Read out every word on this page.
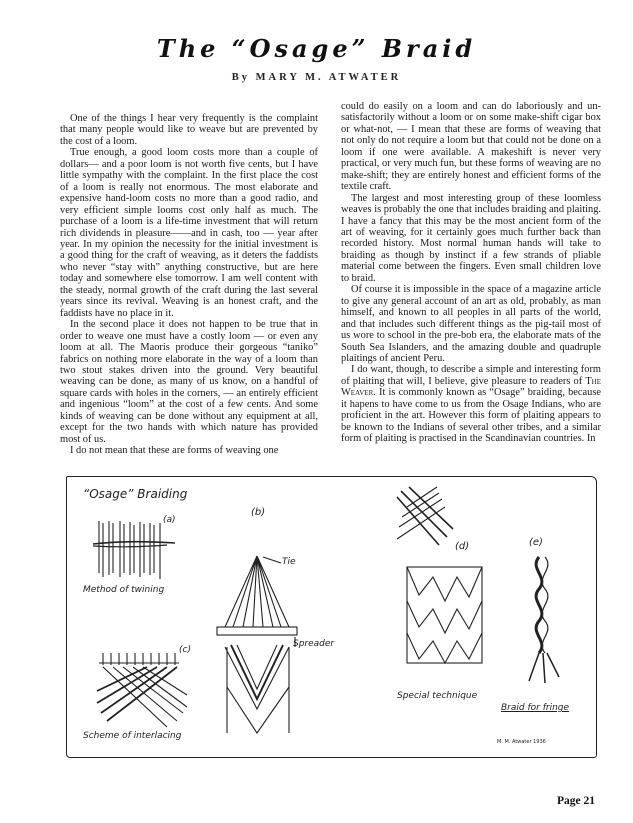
The “Osage” Braid
By MARY M. ATWATER

One of the things I hear very frequently is the complaint that many people would like to weave but are prevented by the cost of a loom.

True enough, a good loom costs more than a couple of dollars— and a poor loom is not worth five cents, but I have little sympathy with the complaint. In the first place the cost of a loom is really not enormous. The most elaborate and expensive hand-loom costs no more than a good radio, and very efficient simple looms cost only half as much. The purchase of a loom is a life-time investment that will return rich dividends in pleasure——and in cash, too — year after year. In my opinion the necessity for the initial investment is a good thing for the craft of weaving, as it deters the faddists who never “stay with” anything constructive, but are here today and somewhere else tomorrow. I am well content with the steady, normal growth of the craft during the last several years since its revival. Weaving is an honest craft, and the faddists have no place in it.

In the second place it does not happen to be true that in order to weave one must have a costly loom — or even any loom at all. The Maoris produce their gorgeous “taniko” fabrics on nothing more elaborate in the way of a loom than two stout stakes driven into the ground. Very beautiful weaving can be done, as many of us know, on a handful of square cards with holes in the corners, — an entirely efficient and ingenious “loom” at the cost of a few cents. And some kinds of weaving can be done without any equipment at all, except for the two hands with which nature has provided most of us.

I do not mean that these are forms of weaving one

could do easily on a loom and can do laboriously and unsatisfactorily without a loom or on some make-shift cigar box or what-not, — I mean that these are forms of weaving that not only do not require a loom but that could not be done on a loom if one were available. A makeshift is never very practical, or very much fun, but these forms of weaving are no make-shift; they are entirely honest and efficient forms of the textile craft.

The largest and most interesting group of these loomless weaves is probably the one that includes braiding and plaiting. I have a fancy that this may be the most ancient form of the art of weaving, for it certainly goes much further back than recorded history. Most normal human hands will take to braiding as though by instinct if a few strands of pliable material come between the fingers. Even small children love to braid.

Of course it is impossible in the space of a magazine article to give any general account of an art as old, probably, as man himself, and known to all peoples in all parts of the world, and that includes such different things as the pig-tail most of us wore to school in the pre-bob era, the elaborate mats of the South Sea Islanders, and the amazing double and quadruple plaitings of ancient Peru.

I do want, though, to describe a simple and interesting form of plaiting that will, I believe, give pleasure to readers of The Weaver. It is commonly known as “Osage” braiding, because it hapens to have come to us from the Osage Indians, who are proficient in the art. However this form of plaiting appears to be known to the Indians of several other tribes, and a similar form of plaiting is practised in the Scandinavian countries. In

“Osage” Braiding
(a)
Method of twining
(b)
Tie
Spreader
(c)
Scheme of interlacing
(d)
Special technique
(e)
Braid for fringe
M. M. Atwater 1936
Page 21
